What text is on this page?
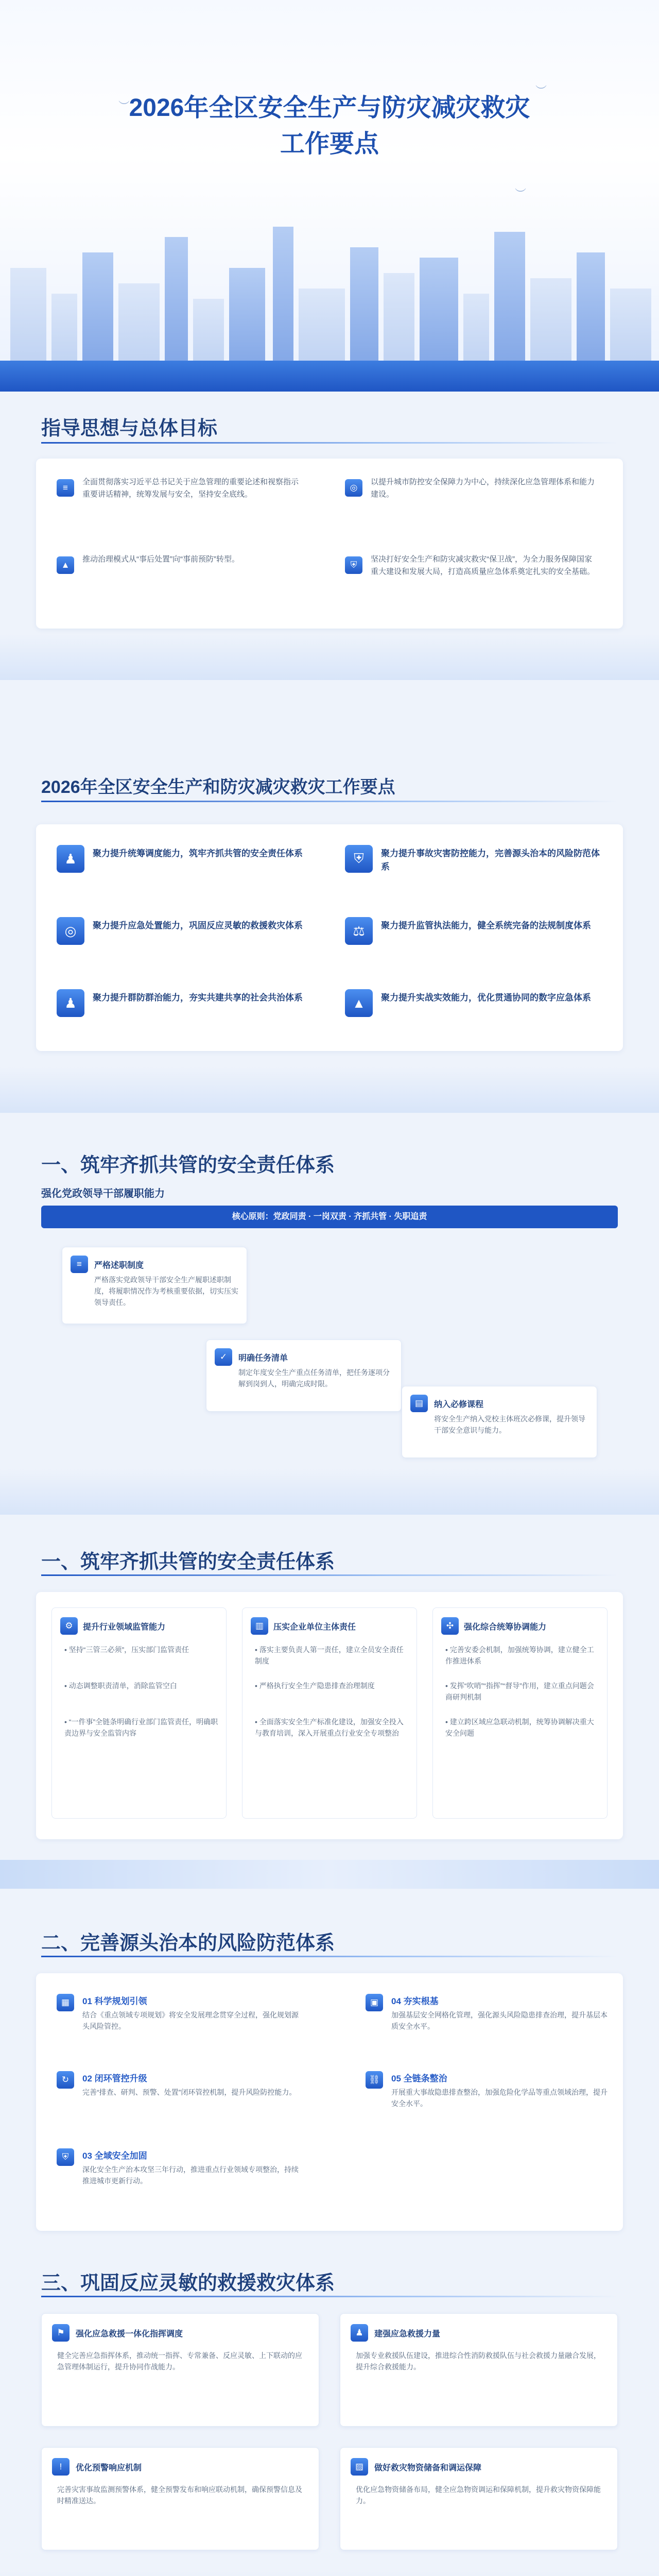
︶
︶
︶
2026年全区安全生产与防灾减灾救灾
工作要点
指导思想与总体目标
≡
全面贯彻落实习近平总书记关于应急管理的重要论述和视察指示重要讲话精神，统筹发展与安全，坚持安全底线。
◎
以提升城市防控安全保障力为中心，持续深化应急管理体系和能力建设。
▲
推动治理模式从“事后处置”向“事前预防”转型。
⛨
坚决打好安全生产和防灾减灾救灾“保卫战”，为全力服务保障国家重大建设和发展大局，打造高质量应急体系奠定扎实的安全基础。
2026年全区安全生产和防灾减灾救灾工作要点
♟	聚力提升统筹调度能力，筑牢齐抓共管的安全责任体系	⛨	聚力提升事故灾害防控能力，完善源头治本的风险防范体系
◎	聚力提升应急处置能力，巩固反应灵敏的救援救灾体系	⚖	聚力提升监管执法能力，健全系统完备的法规制度体系
♟	聚力提升群防群治能力，夯实共建共享的社会共治体系	▲	聚力提升实战实效能力，优化贯通协同的数字应急体系
一、筑牢齐抓共管的安全责任体系
强化党政领导干部履职能力
核心原则：党政同责 · 一岗双责 · 齐抓共管 · 失职追责
≡	严格述职制度
严格落实党政领导干部安全生产履职述职制度，将履职情况作为考核重要依据，切实压实领导责任。
✓	明确任务清单
制定年度安全生产重点任务清单，把任务逐项分解到岗到人，明确完成时限。
▤	纳入必修课程
将安全生产纳入党校主体班次必修课，提升领导干部安全意识与能力。
一、筑牢齐抓共管的安全责任体系
⚙	提升行业领域监管能力
• 坚持“三管三必须”，压实部门监管责任
• 动态调整职责清单，消除监管空白
• “一件事”全链条明确行业部门监管责任，明确职责边界与安全监管内容
▥	压实企业单位主体责任
• 落实主要负责人第一责任，建立全员安全责任制度
• 严格执行安全生产隐患排查治理制度
• 全面落实安全生产标准化建设，加强安全投入与教育培训，深入开展重点行业安全专项整治
✣	强化综合统筹协调能力
• 完善安委会机制，加强统筹协调，建立健全工作推进体系
• 发挥“吹哨”“指挥”“督导”作用，建立重点问题会商研判机制
• 建立跨区域应急联动机制，统筹协调解决重大安全问题
二、完善源头治本的风险防范体系
▦	01 科学规划引领
结合《重点领域专项规划》将安全发展理念贯穿全过程，强化规划源头风险管控。
↻	02 闭环管控升级
完善“排查、研判、预警、处置”闭环管控机制，提升风险防控能力。
⛨	03 全域安全加固
深化安全生产治本攻坚三年行动，推进重点行业领域专项整治，持续推进城市更新行动。
▣	04 夯实根基
加强基层安全网格化管理，强化源头风险隐患排查治理，提升基层本质安全水平。
⛓	05 全链条整治
开展重大事故隐患排查整治，加强危险化学品等重点领域治理，提升安全水平。
三、巩固反应灵敏的救援救灾体系
⚑	强化应急救援一体化指挥调度
健全完善应急指挥体系，推动统一指挥、专常兼备、反应灵敏、上下联动的应急管理体制运行，提升协同作战能力。
♟	建强应急救援力量
加强专业救援队伍建设，推进综合性消防救援队伍与社会救援力量融合发展，提升综合救援能力。
!	优化预警响应机制
完善灾害事故监测预警体系，健全预警发布和响应联动机制，确保预警信息及时精准送达。
▨	做好救灾物资储备和调运保障
优化应急物资储备布局，健全应急物资调运和保障机制，提升救灾物资保障能力。
